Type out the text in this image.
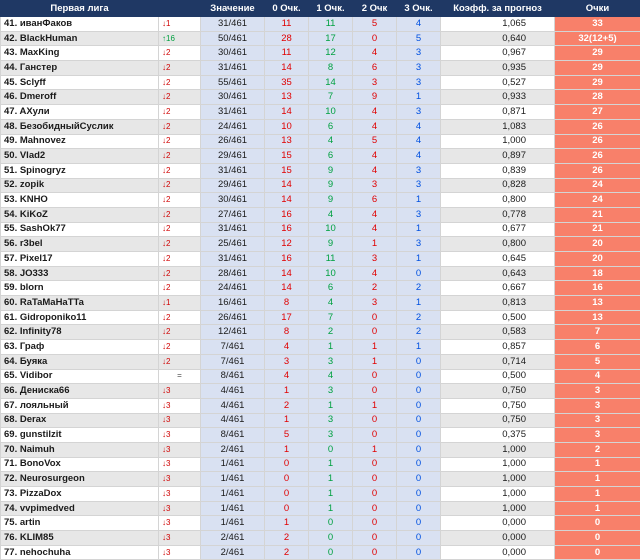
Первая лига		Значение	0 Очк.	1 Очк.	2 Очк	3 Очк.	Коэфф. за прогноз	Очки
41. иванФаков	↓1	31/461	11	11	5	4	1,065	33
42. BlackHuman	↑16	50/461	28	17	0	5	0,640	32(12+5)
43. MaxKing	↓2	30/461	11	12	4	3	0,967	29
44. Ганстер	↓2	31/461	14	8	6	3	0,935	29
45. Sclyff	↓2	55/461	35	14	3	3	0,527	29
46. Dmeroff	↓2	30/461	13	7	9	1	0,933	28
47. AХули	↓2	31/461	14	10	4	3	0,871	27
48. БезобидныйСуслик	↓2	24/461	10	6	4	4	1,083	26
49. Mahnovez	↓2	26/461	13	4	5	4	1,000	26
50. Vlad2	↓2	29/461	15	6	4	4	0,897	26
51. Spinogryz	↓2	31/461	15	9	4	3	0,839	26
52. zopik	↓2	29/461	14	9	3	3	0,828	24
53. KNHO	↓2	30/461	14	9	6	1	0,800	24
54. KiKoZ	↓2	27/461	16	4	4	3	0,778	21
55. SashOk77	↓2	31/461	16	10	4	1	0,677	21
56. r3bel	↓2	25/461	12	9	1	3	0,800	20
57. Pixel17	↓2	31/461	16	11	3	1	0,645	20
58. JO333	↓2	28/461	14	10	4	0	0,643	18
59. blorn	↓2	24/461	14	6	2	2	0,667	16
60. RaTaMaHaTTa	↓1	16/461	8	4	3	1	0,813	13
61. Gidroponiko11	↓2	26/461	17	7	0	2	0,500	13
62. Infinity78	↓2	12/461	8	2	0	2	0,583	7
63. Граф	↓2	7/461	4	1	1	1	0,857	6
64. Буяка	↓2	7/461	3	3	1	0	0,714	5
65. Vidibor	=	8/461	4	4	0	0	0,500	4
66. Дениска66	↓3	4/461	1	3	0	0	0,750	3
67. лояльный	↓3	4/461	2	1	1	0	0,750	3
68. Derax	↓3	4/461	1	3	0	0	0,750	3
69. gunstilzit	↓3	8/461	5	3	0	0	0,375	3
70. Naimuh	↓3	2/461	1	0	1	0	1,000	2
71. BonoVox	↓3	1/461	0	1	0	0	1,000	1
72. Neurosurgeon	↓3	1/461	0	1	0	0	1,000	1
73. PizzaDox	↓3	1/461	0	1	0	0	1,000	1
74. vvpimedved	↓3	1/461	0	1	0	0	1,000	1
75. artin	↓3	1/461	1	0	0	0	0,000	0
76. KLIM85	↓3	2/461	2	0	0	0	0,000	0
77. nehochuha	↓3	2/461	2	0	0	0	0,000	0
